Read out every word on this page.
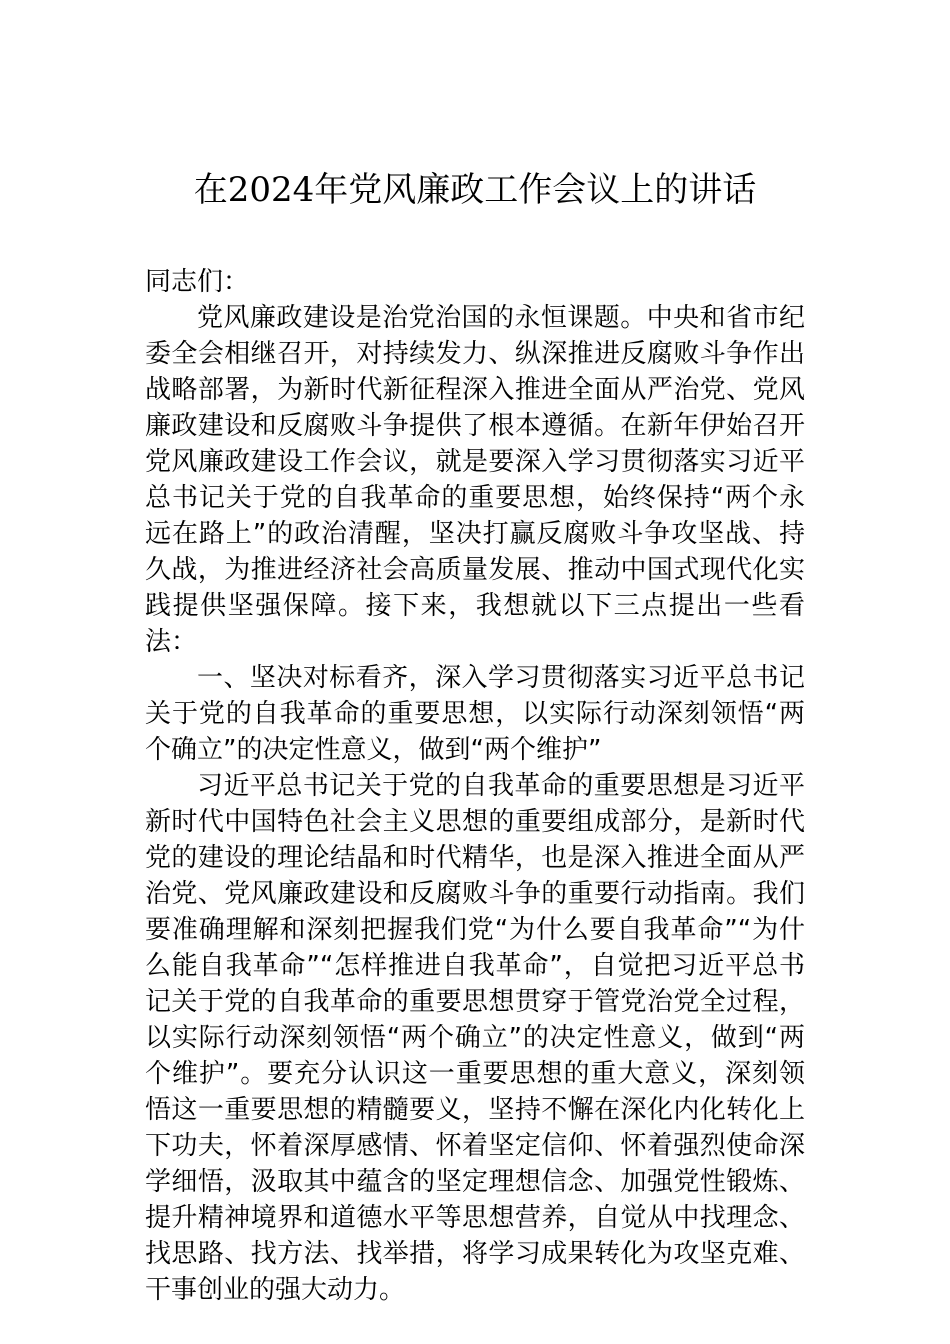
在2024年党风廉政工作会议上的讲话

同志们：

党风廉政建设是治党治国的永恒课题。中央和省市纪委全会相继召开，对持续发力、纵深推进反腐败斗争作出战略部署，为新时代新征程深入推进全面从严治党、党风廉政建设和反腐败斗争提供了根本遵循。在新年伊始召开党风廉政建设工作会议，就是要深入学习贯彻落实习近平总书记关于党的自我革命的重要思想，始终保持“两个永远在路上”的政治清醒，坚决打赢反腐败斗争攻坚战、持久战，为推进经济社会高质量发展、推动中国式现代化实践提供坚强保障。接下来，我想就以下三点提出一些看法：

一、坚决对标看齐，深入学习贯彻落实习近平总书记关于党的自我革命的重要思想，以实际行动深刻领悟“两个确立”的决定性意义，做到“两个维护”

习近平总书记关于党的自我革命的重要思想是习近平新时代中国特色社会主义思想的重要组成部分，是新时代党的建设的理论结晶和时代精华，也是深入推进全面从严治党、党风廉政建设和反腐败斗争的重要行动指南。我们要准确理解和深刻把握我们党“为什么要自我革命”“为什么能自我革命”“怎样推进自我革命”，自觉把习近平总书记关于党的自我革命的重要思想贯穿于管党治党全过程，以实际行动深刻领悟“两个确立”的决定性意义，做到“两个维护”。要充分认识这一重要思想的重大意义，深刻领悟这一重要思想的精髓要义，坚持不懈在深化内化转化上下功夫，怀着深厚感情、怀着坚定信仰、怀着强烈使命深学细悟，汲取其中蕴含的坚定理想信念、加强党性锻炼、提升精神境界和道德水平等思想营养，自觉从中找理念、找思路、找方法、找举措，将学习成果转化为攻坚克难、干事创业的强大动力。
